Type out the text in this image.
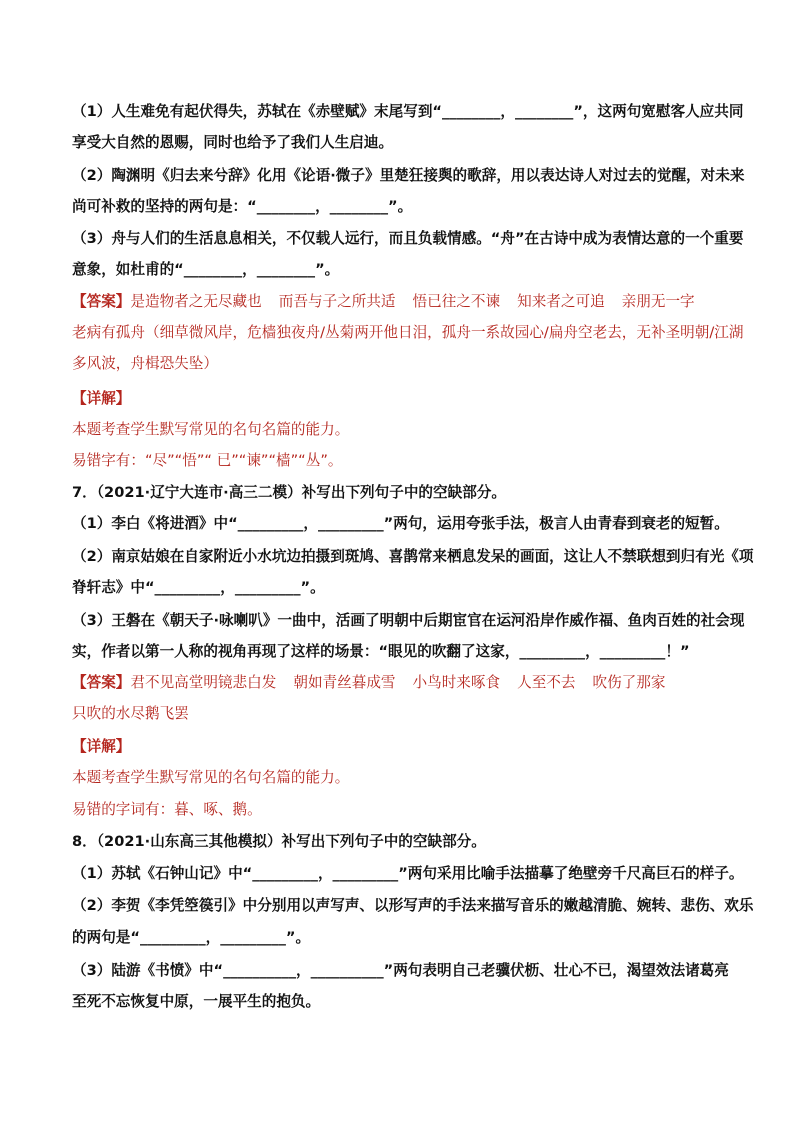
（1）人生难免有起伏得失，苏轼在《赤壁赋》末尾写到“________，________”，这两句宽慰客人应共同
享受大自然的恩赐，同时也给予了我们人生启迪。
（2）陶渊明《归去来兮辞》化用《论语·微子》里楚狂接舆的歌辞，用以表达诗人对过去的觉醒，对未来
尚可补救的坚持的两句是：“________，________”。
（3）舟与人们的生活息息相关，不仅载人远行，而且负载情感。“舟”在古诗中成为表情达意的一个重要
意象，如杜甫的“________，________”。
【答案】是造物者之无尽藏也 而吾与子之所共适 悟已往之不谏 知来者之可追 亲朋无一字
老病有孤舟（细草微风岸，危樯独夜舟/丛菊两开他日泪，孤舟一系故园心/扁舟空老去，无补圣明朝/江湖
多风波，舟楫恐失坠）
【详解】
本题考查学生默写常见的名句名篇的能力。
易错字有：“尽”“悟”“ 已”“谏”“樯”“丛”。
7．（2021·辽宁大连市·高三二模）补写出下列句子中的空缺部分。
（1）李白《将进酒》中“_________，_________”两句，运用夸张手法，极言人由青春到衰老的短暂。
（2）南京姑娘在自家附近小水坑边拍摄到斑鸠、喜鹊常来栖息发呆的画面，这让人不禁联想到归有光《项
脊轩志》中“_________，_________”。
（3）王磐在《朝天子·咏喇叭》一曲中，活画了明朝中后期宦官在运河沿岸作威作福、鱼肉百姓的社会现
实，作者以第一人称的视角再现了这样的场景：“眼见的吹翻了这家，_________，_________！”
【答案】君不见高堂明镜悲白发 朝如青丝暮成雪 小鸟时来啄食 人至不去 吹伤了那家
只吹的水尽鹅飞罢
【详解】
本题考查学生默写常见的名句名篇的能力。
易错的字词有：暮、啄、鹅。
8．（2021·山东高三其他模拟）补写出下列句子中的空缺部分。
（1）苏轼《石钟山记》中“_________，_________”两句采用比喻手法描摹了绝壁旁千尺高巨石的样子。
（2）李贺《李凭箜篌引》中分别用以声写声、以形写声的手法来描写音乐的嫩越清脆、婉转、悲伤、欢乐
的两句是“_________，_________”。
（3）陆游《书愤》中“__________，__________”两句表明自己老骥伏枥、壮心不已，渴望效法诸葛亮
至死不忘恢复中原，一展平生的抱负。
